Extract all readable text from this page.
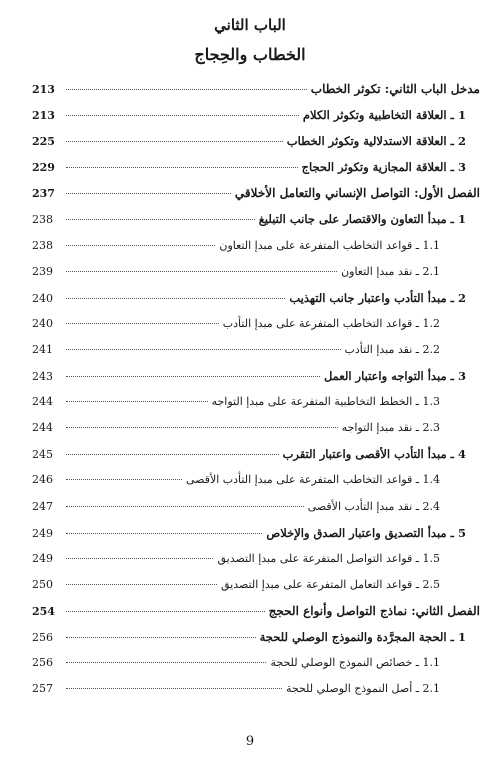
الباب الثاني
الخطاب والحِجاج
مدخل الباب الثاني: تكوثر الخطاب
213
1 ـ العلاقة التخاطبية وتكوثر الكلام
213
2 ـ العلاقة الاستدلالية وتكوثر الخطاب
225
3 ـ العلاقة المجازية وتكوثر الحجاج
229
الفصل الأول: التواصل الإنساني والتعامل الأخلاقي
237
1 ـ مبدأ التعاون والاقتصار على جانب التبليغ
238
1.1 ـ قواعد التخاطب المتفرعة على مبدإ التعاون
238
2.1 ـ نقد مبدإ التعاون
239
2 ـ مبدأ التأدب واعتبار جانب التهذيب
240
1.2 ـ قواعد التخاطب المتفرعة على مبدإ التأدب
240
2.2 ـ نقد مبدإ التأدب
241
3 ـ مبدأ التواجه واعتبار العمل
243
1.3 ـ الخطط التخاطبية المتفرعة على مبدإ التواجه
244
2.3 ـ نقد مبدإ التواجه
244
4 ـ مبدأ التأدب الأقصى واعتبار التقرب
245
1.4 ـ قواعد التخاطب المتفرعة على مبدإ التأدب الأقصى
246
2.4 ـ نقد مبدإ التأدب الأقصى
247
5 ـ مبدأ التصديق واعتبار الصدق والإخلاص
249
1.5 ـ قواعد التواصل المتفرعة على مبدإ التصديق
249
2.5 ـ قواعد التعامل المتفرعة على مبدإ التصديق
250
الفصل الثاني: نماذج التواصل وأنواع الحجج
254
1 ـ الحجة المجرَّدة والنموذج الوصلي للحجة
256
1.1 ـ خصائص النموذج الوصلي للحجة
256
2.1 ـ أصل النموذج الوصلي للحجة
257
9
